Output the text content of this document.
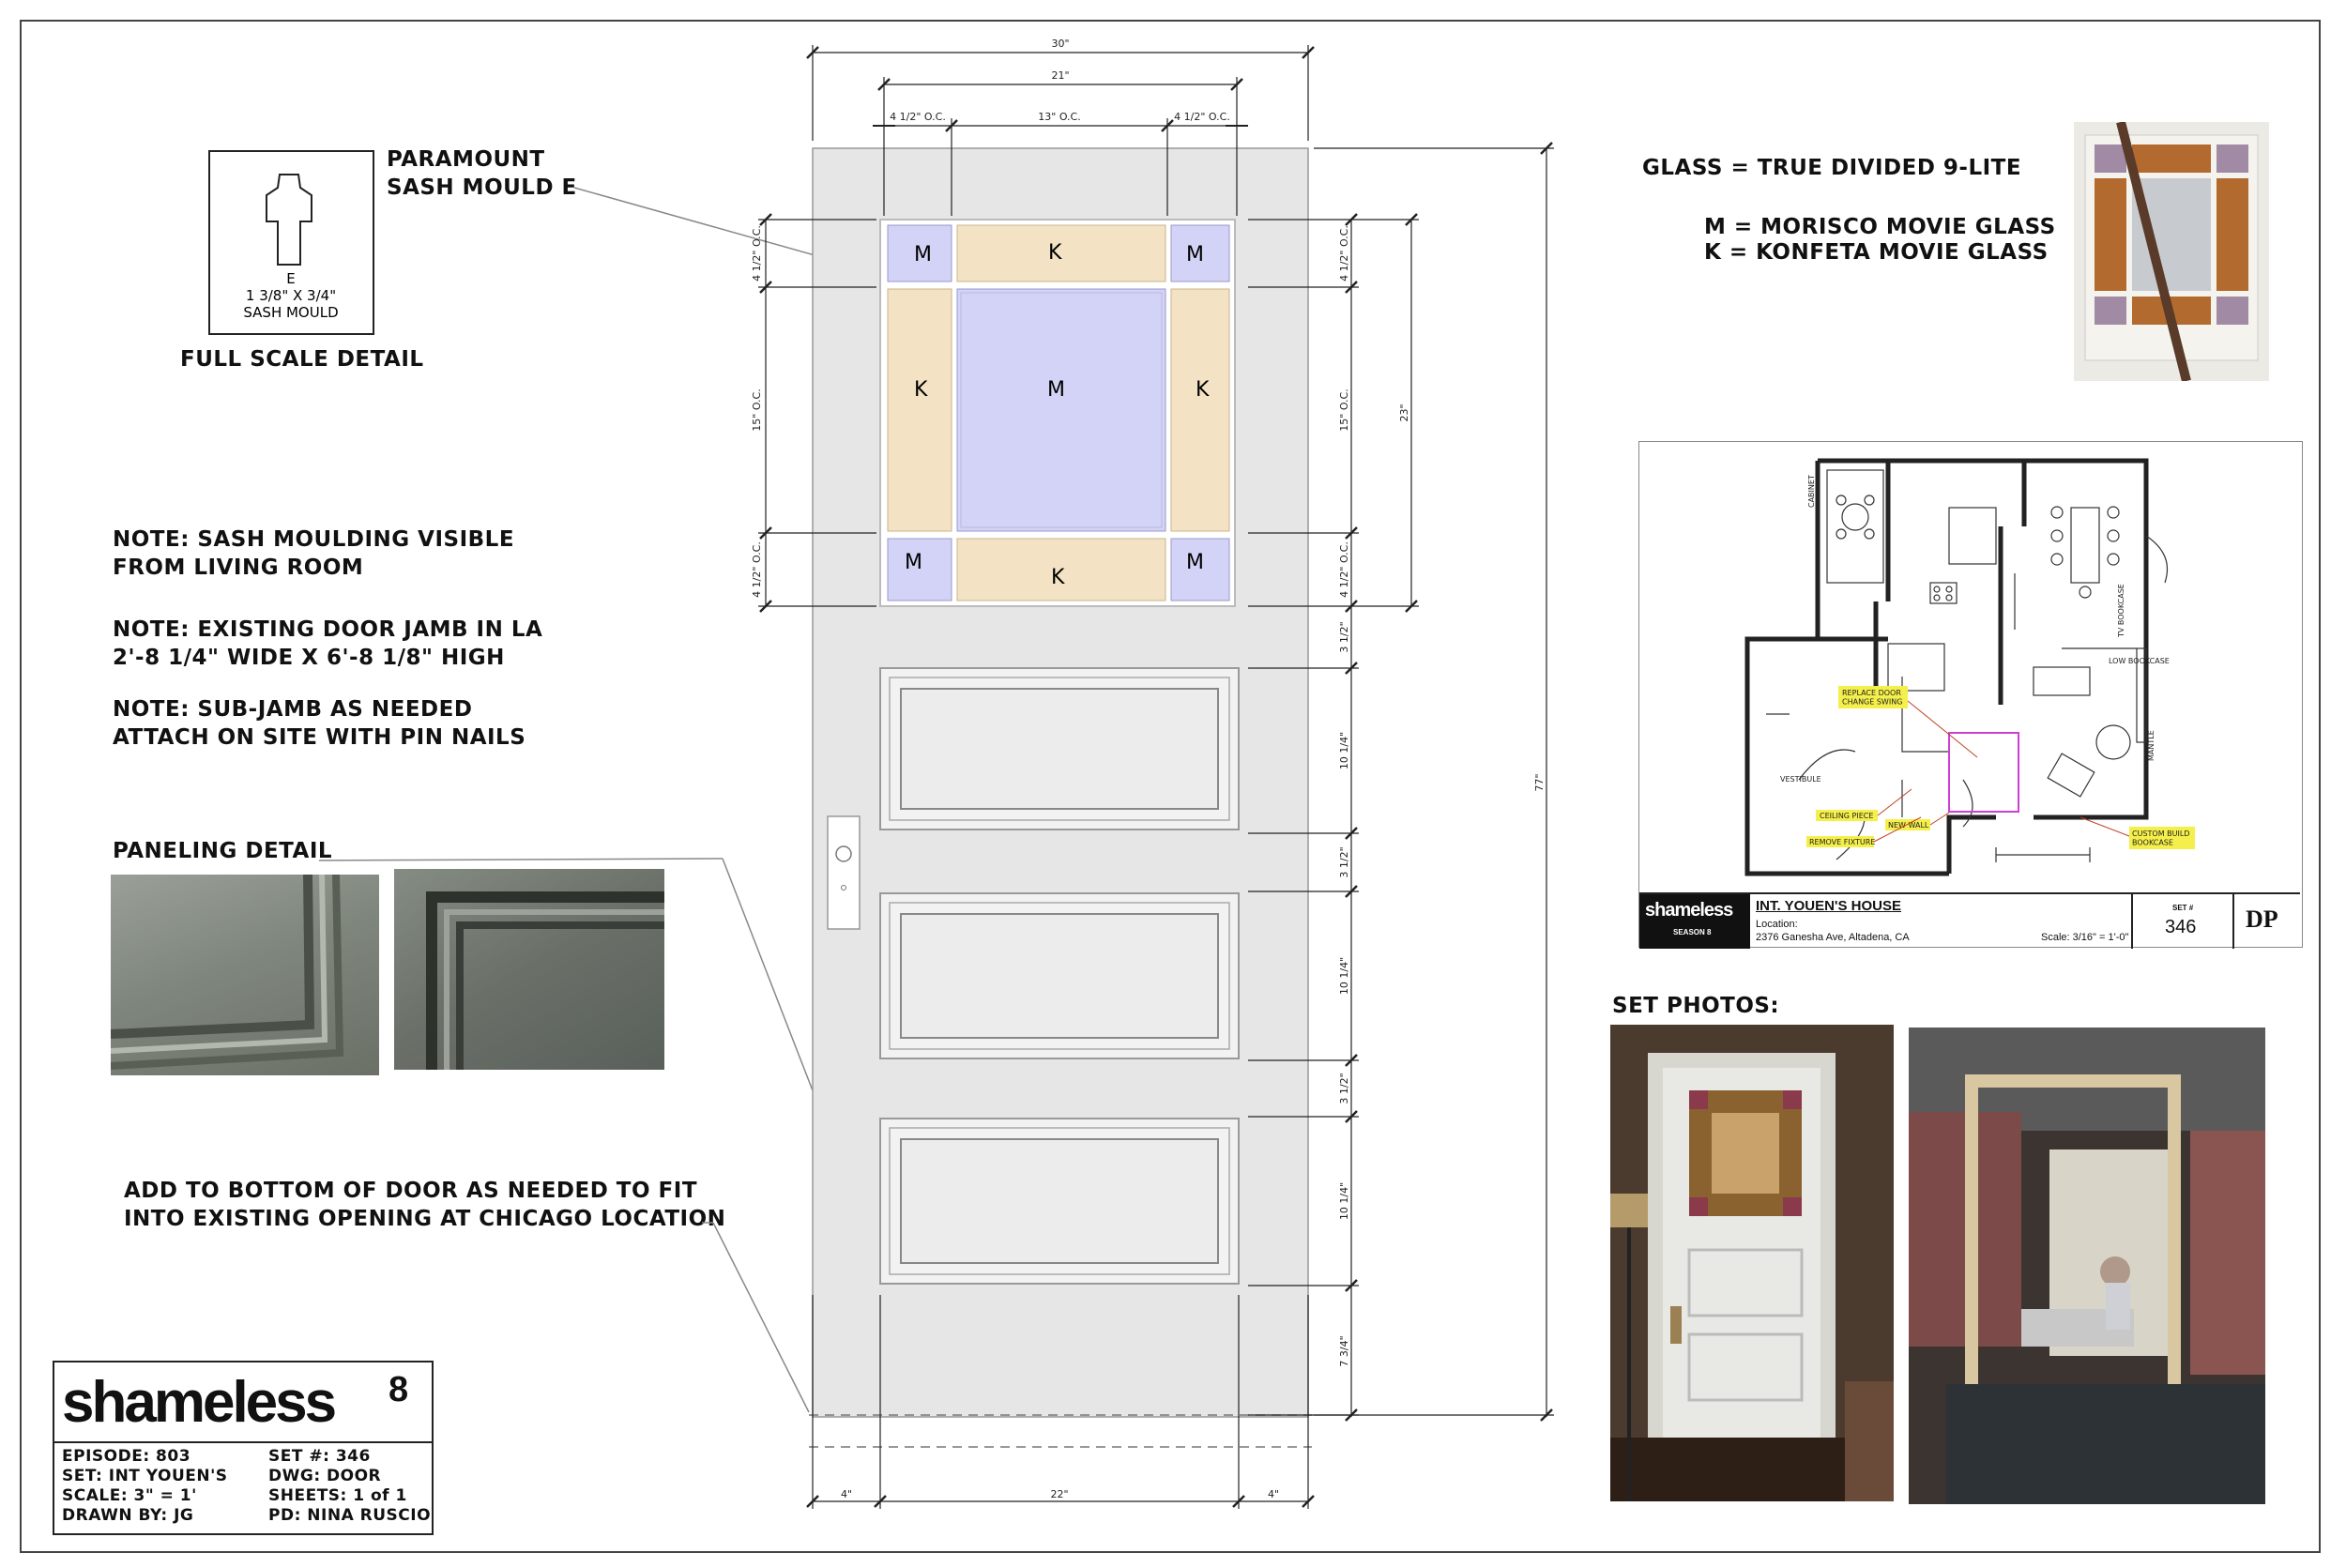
E
1 3/8" X 3/4"
SASH MOULD
PARAMOUNT
SASH MOULD E
FULL SCALE DETAIL
NOTE: SASH MOULDING VISIBLE
FROM LIVING ROOM
NOTE: EXISTING DOOR JAMB IN LA
2'-8 1/4" WIDE X 6'-8 1/8" HIGH
NOTE: SUB-JAMB AS NEEDED
ATTACH ON SITE WITH PIN NAILS
PANELING DETAIL
ADD TO BOTTOM OF DOOR AS NEEDED TO FIT
INTO EXISTING OPENING AT CHICAGO LOCATION
shameless 8
EPISODE: 803	SET #: 346
SET: INT YOUEN'S	DWG: DOOR
SCALE: 3" = 1'	SHEETS: 1 of 1
DRAWN BY: JG	PD: NINA RUSCIO
M	K	M
K	M	K
M
K
M
30"
21"
4 1/2" O.C.	13" O.C.	4 1/2" O.C.
4 1/2" O.C.
15" O.C.
4 1/2" O.C.
4 1/2" O.C.
15" O.C.
4 1/2" O.C.
23"
3 1/2"
10 1/4"
3 1/2"
10 1/4"
3 1/2"
10 1/4"
7 3/4"
77"
4"	22"	4"
GLASS = TRUE DIVIDED 9-LITE
M = MORISCO MOVIE GLASS
K = KONFETA MOVIE GLASS
CABINET
TV BOOKCASE
LOW BOOKCASE
MANTLE
VESTIBULE
REPLACE DOOR CHANGE SWING
CEILING PIECE
NEW WALL
REMOVE FIXTURE
CUSTOM BUILD BOOKCASE
shameless
SEASON 8
INT. YOUEN'S HOUSE
Location:
2376 Ganesha Ave, Altadena, CA	Scale: 3/16" = 1'-0"
SET #
346 DP
SET PHOTOS:
